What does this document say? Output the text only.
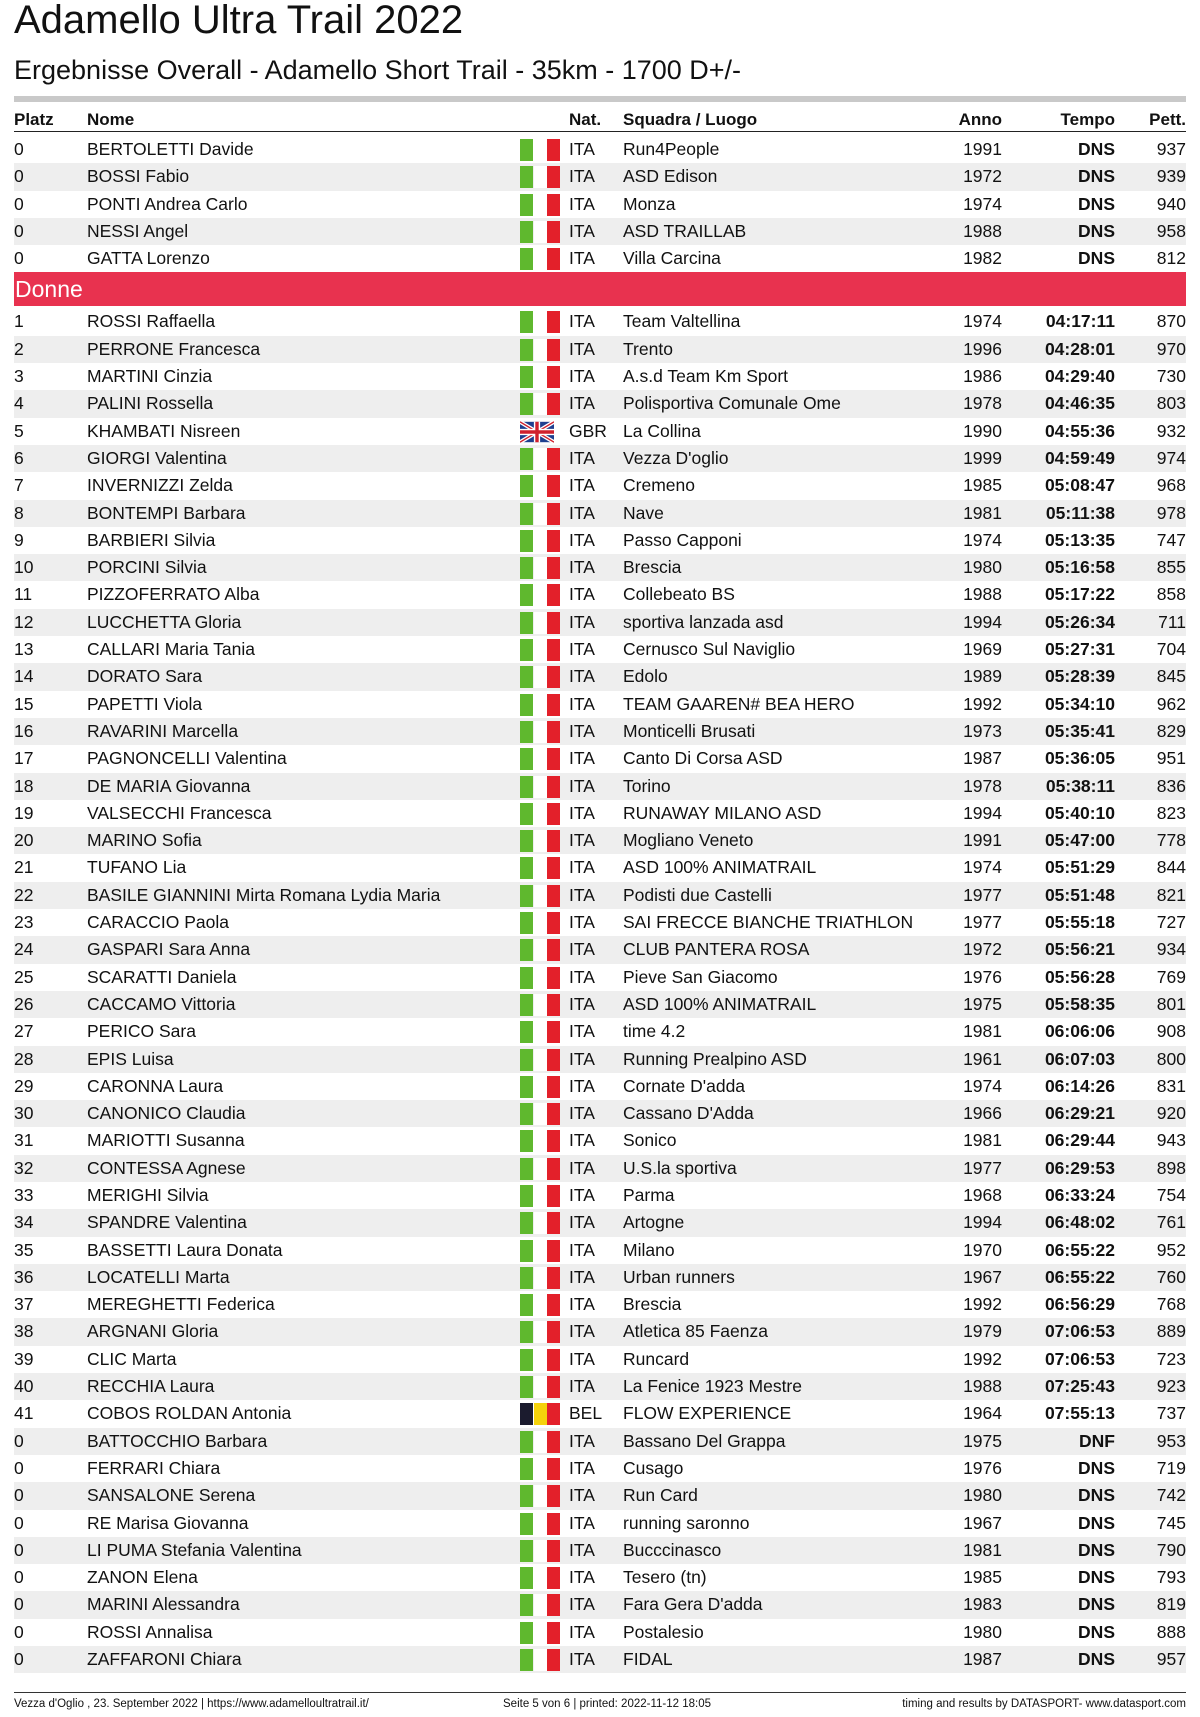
Adamello Ultra Trail 2022
Ergebnisse Overall - Adamello Short Trail - 35km - 1700 D+/-
Platz Nome	Nat. Squadra / Luogo	Anno	Tempo Pett.
0	BERTOLETTI Davide	ITA Run4People	1991	DNS 937
0	BOSSI Fabio	ITA ASD Edison	1972	DNS 939
0	PONTI Andrea Carlo	ITA Monza	1974	DNS 940
0	NESSI Angel	ITA ASD TRAILLAB	1988	DNS 958
0	GATTA Lorenzo	ITA Villa Carcina	1982	DNS 812
Donne
1	ROSSI Raffaella	ITA Team Valtellina	1974	04:17:11 870
2	PERRONE Francesca	ITA Trento	1996 04:28:01 970
3	MARTINI Cinzia	ITA A.s.d Team Km Sport	1986 04:29:40 730
4	PALINI Rossella	ITA Polisportiva Comunale Ome	1978 04:46:35 803
5	KHAMBATI Nisreen	GBR La Collina	1990 04:55:36 932
6	GIORGI Valentina	ITA Vezza D'oglio	1999 04:59:49 974
7	INVERNIZZI Zelda	ITA Cremeno	1985 05:08:47 968
8	BONTEMPI Barbara	ITA Nave	1981	05:11:38 978
9	BARBIERI Silvia	ITA Passo Capponi	1974 05:13:35 747
10	PORCINI Silvia	ITA Brescia	1980 05:16:58 855
11	PIZZOFERRATO Alba	ITA Collebeato BS	1988 05:17:22 858
12	LUCCHETTA Gloria	ITA sportiva lanzada asd	1994 05:26:34 711
13	CALLARI Maria Tania	ITA Cernusco Sul Naviglio	1969 05:27:31 704
14	DORATO Sara	ITA Edolo	1989 05:28:39 845
15	PAPETTI Viola	ITA TEAM GAAREN# BEA HERO	1992 05:34:10 962
16	RAVARINI Marcella	ITA Monticelli Brusati	1973 05:35:41 829
17	PAGNONCELLI Valentina	ITA Canto Di Corsa ASD	1987 05:36:05 951
18	DE MARIA Giovanna	ITA Torino	1978	05:38:11 836
19	VALSECCHI Francesca	ITA RUNAWAY MILANO ASD	1994 05:40:10 823
20	MARINO Sofia	ITA Mogliano Veneto	1991 05:47:00 778
21	TUFANO Lia	ITA ASD 100% ANIMATRAIL	1974 05:51:29 844
22	BASILE GIANNINI Mirta Romana Lydia Maria	ITA Podisti due Castelli	1977 05:51:48 821
23	CARACCIO Paola	ITA SAI FRECCE BIANCHE TRIATHLON	1977 05:55:18 727
24	GASPARI Sara Anna	ITA CLUB PANTERA ROSA	1972 05:56:21 934
25	SCARATTI Daniela	ITA Pieve San Giacomo	1976 05:56:28 769
26	CACCAMO Vittoria	ITA ASD 100% ANIMATRAIL	1975 05:58:35 801
27	PERICO Sara	ITA time 4.2	1981 06:06:06 908
28	EPIS Luisa	ITA Running Prealpino ASD	1961 06:07:03 800
29	CARONNA Laura	ITA Cornate D'adda	1974 06:14:26 831
30	CANONICO Claudia	ITA Cassano D'Adda	1966 06:29:21 920
31	MARIOTTI Susanna	ITA Sonico	1981 06:29:44 943
32	CONTESSA Agnese	ITA U.S.la sportiva	1977 06:29:53 898
33	MERIGHI Silvia	ITA Parma	1968 06:33:24 754
34	SPANDRE Valentina	ITA Artogne	1994 06:48:02 761
35	BASSETTI Laura Donata	ITA Milano	1970 06:55:22 952
36	LOCATELLI Marta	ITA Urban runners	1967 06:55:22 760
37	MEREGHETTI Federica	ITA Brescia	1992 06:56:29 768
38	ARGNANI Gloria	ITA Atletica 85 Faenza	1979 07:06:53 889
39	CLIC Marta	ITA Runcard	1992 07:06:53 723
40	RECCHIA Laura	ITA La Fenice 1923 Mestre	1988 07:25:43 923
41	COBOS ROLDAN Antonia	BEL FLOW EXPERIENCE	1964 07:55:13 737
0	BATTOCCHIO Barbara	ITA Bassano Del Grappa	1975	DNF 953
0	FERRARI Chiara	ITA Cusago	1976	DNS 719
0	SANSALONE Serena	ITA Run Card	1980	DNS 742
0	RE Marisa Giovanna	ITA running saronno	1967	DNS 745
0	LI PUMA Stefania Valentina	ITA Bucccinasco	1981	DNS 790
0	ZANON Elena	ITA Tesero (tn)	1985	DNS 793
0	MARINI Alessandra	ITA Fara Gera D'adda	1983	DNS 819
0	ROSSI Annalisa	ITA Postalesio	1980	DNS 888
0	ZAFFARONI Chiara	ITA FIDAL	1987	DNS 957
Vezza d'Oglio , 23. September 2022 | https://www.adamelloultratrail.it/	Seite 5 von 6 | printed: 2022-11-12 18:05	timing and results by DATASPORT- www.datasport.com
